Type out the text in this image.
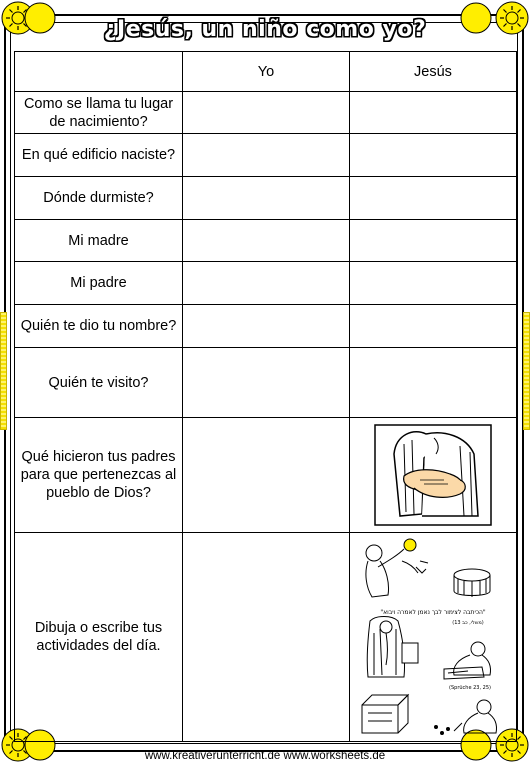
¿Jesús, un niño como yo?
	Yo	Jesús
Como se llama tu lugar de nacimiento?		
En qué edificio naciste?		
Dónde durmiste?		
Mi madre		
Mi padre		
Quién te dio tu nombre?		
Quién te visito?		
Qué hicieron tus padres para que pertenezcas al pueblo de Dios?		

Dibuja o escribe tus actividades del día.		"הכיתבה לצימור לבך נאמן לאמרה ויבוא"
(משלי, כב 13)
(Sprüche 23, 25)
www.kreativerunterricht.de www.worksheets.de
